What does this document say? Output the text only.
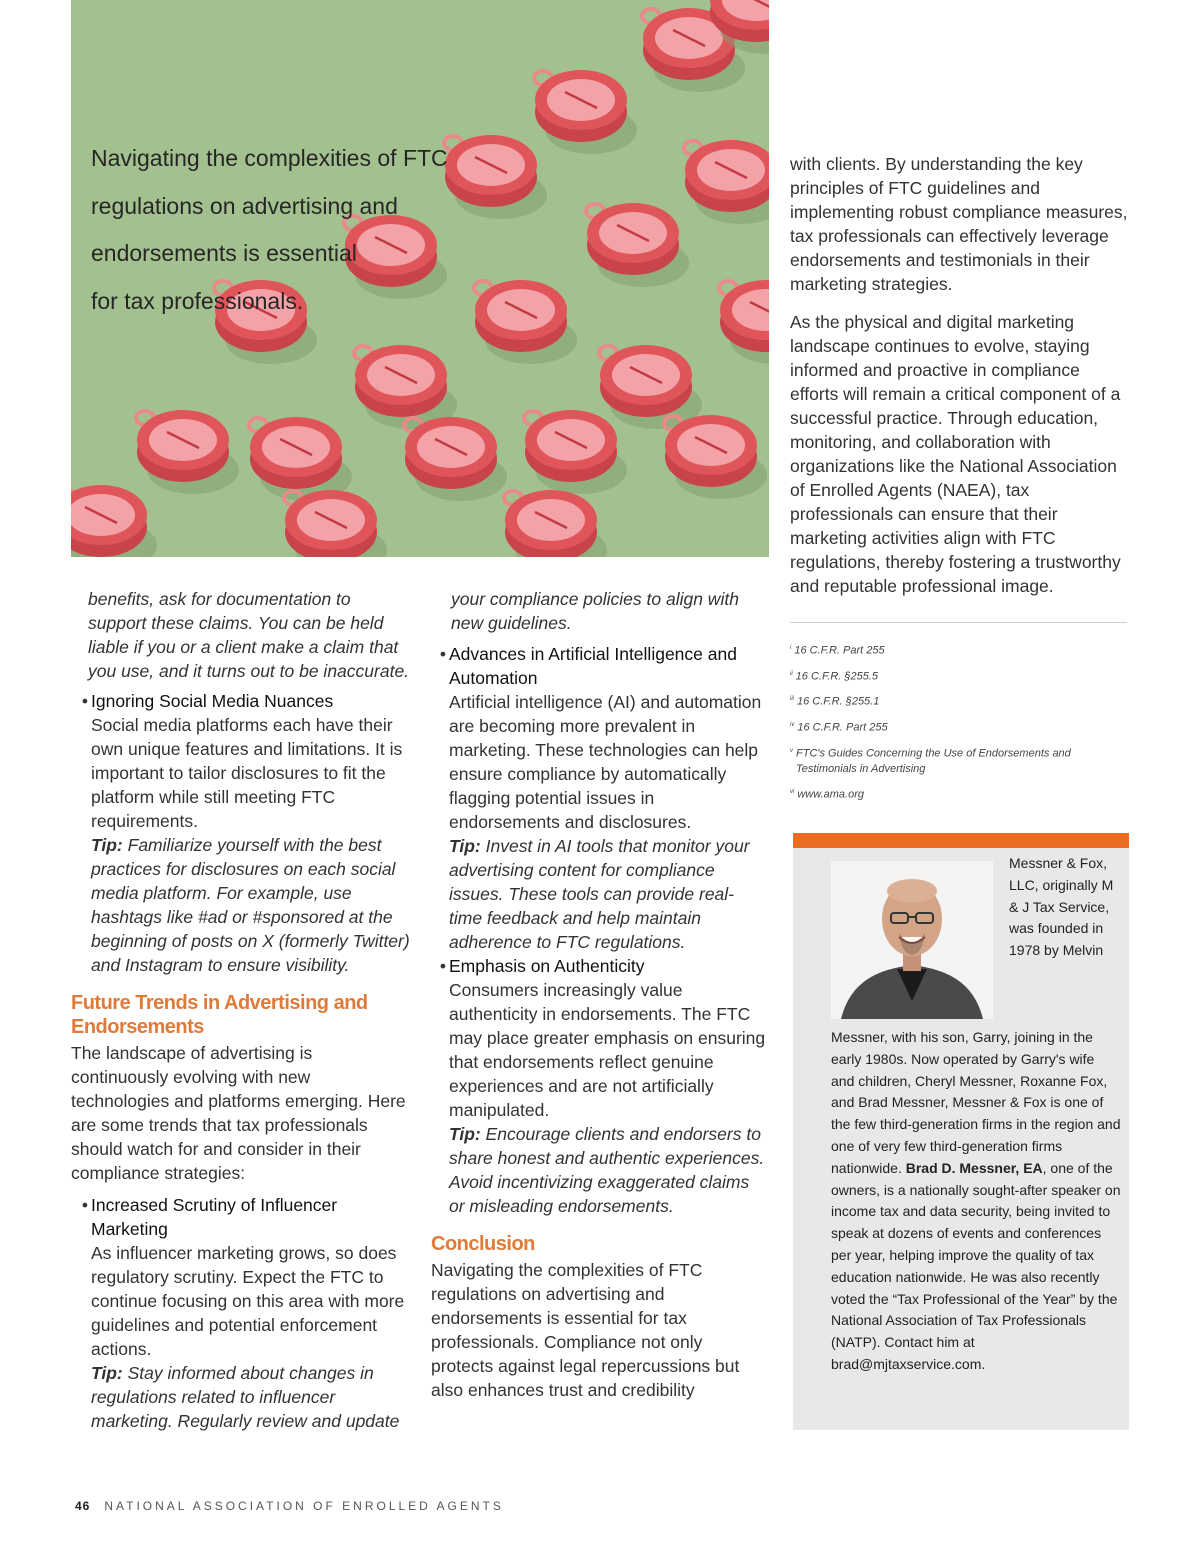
Navigating the complexities of FTC
regulations on advertising and
endorsements is essential
for tax professionals.

benefits, ask for documentation to support these claims. You can be held liable if you or a client make a claim that you use, and it turns out to be inaccurate.

• Ignoring Social Media Nuances
Social media platforms each have their own unique features and limitations. It is important to tailor disclosures to fit the platform while still meeting FTC requirements.
Tip: Familiarize yourself with the best practices for disclosures on each social media platform. For example, use hashtags like #ad or #sponsored at the beginning of posts on X (formerly Twitter) and Instagram to ensure visibility.
Future Trends in Advertising and Endorsements

The landscape of advertising is continuously evolving with new technologies and platforms emerging. Here are some trends that tax professionals should watch for and consider in their compliance strategies:

• Increased Scrutiny of Influencer Marketing
As influencer marketing grows, so does regulatory scrutiny. Expect the FTC to continue focusing on this area with more guidelines and potential enforcement actions.
Tip: Stay informed about changes in regulations related to influencer marketing. Regularly review and update

your compliance policies to align with new guidelines.

• Advances in Artificial Intelligence and Automation
Artificial intelligence (AI) and automation are becoming more prevalent in marketing. These technologies can help ensure compliance by automatically flagging potential issues in endorsements and disclosures.
Tip: Invest in AI tools that monitor your advertising content for compliance issues. These tools can provide real-time feedback and help maintain adherence to FTC regulations.
• Emphasis on Authenticity
Consumers increasingly value authenticity in endorsements. The FTC may place greater emphasis on ensuring that endorsements reflect genuine experiences and are not artificially manipulated.
Tip: Encourage clients and endorsers to share honest and authentic experiences. Avoid incentivizing exaggerated claims or misleading endorsements.
Conclusion

Navigating the complexities of FTC regulations on advertising and endorsements is essential for tax professionals. Compliance not only protects against legal repercussions but also enhances trust and credibility

with clients. By understanding the key principles of FTC guidelines and implementing robust compliance measures, tax professionals can effectively leverage endorsements and testimonials in their marketing strategies.

As the physical and digital marketing landscape continues to evolve, staying informed and proactive in compliance efforts will remain a critical component of a successful practice. Through education, monitoring, and collaboration with organizations like the National Association of Enrolled Agents (NAEA), tax professionals can ensure that their marketing activities align with FTC regulations, thereby fostering a trustworthy and reputable professional image.

$^i$ 16 C.F.R. Part 255
$^{ii}$ 16 C.F.R. §255.5
$^{iii}$ 16 C.F.R. §255.1
$^{iv}$ 16 C.F.R. Part 255
$^v$ FTC's Guides Concerning the Use of Endorsements and Testimonials in Advertising
$^{vi}$ www.ama.org
Messner & Fox, LLC, originally M & J Tax Service, was founded in 1978 by Melvin
Messner, with his son, Garry, joining in the early 1980s. Now operated by Garry's wife and children, Cheryl Messner, Roxanne Fox, and Brad Messner, Messner & Fox is one of the few third-generation firms in the region and one of very few third-generation firms nationwide. Brad D. Messner, EA, one of the owners, is a nationally sought-after speaker on income tax and data security, being invited to speak at dozens of events and conferences per year, helping improve the quality of tax education nationwide. He was also recently voted the “Tax Professional of the Year” by the National Association of Tax Professionals (NATP). Contact him at brad@mjtaxservice.com.
46 NATIONAL ASSOCIATION OF ENROLLED AGENTS
